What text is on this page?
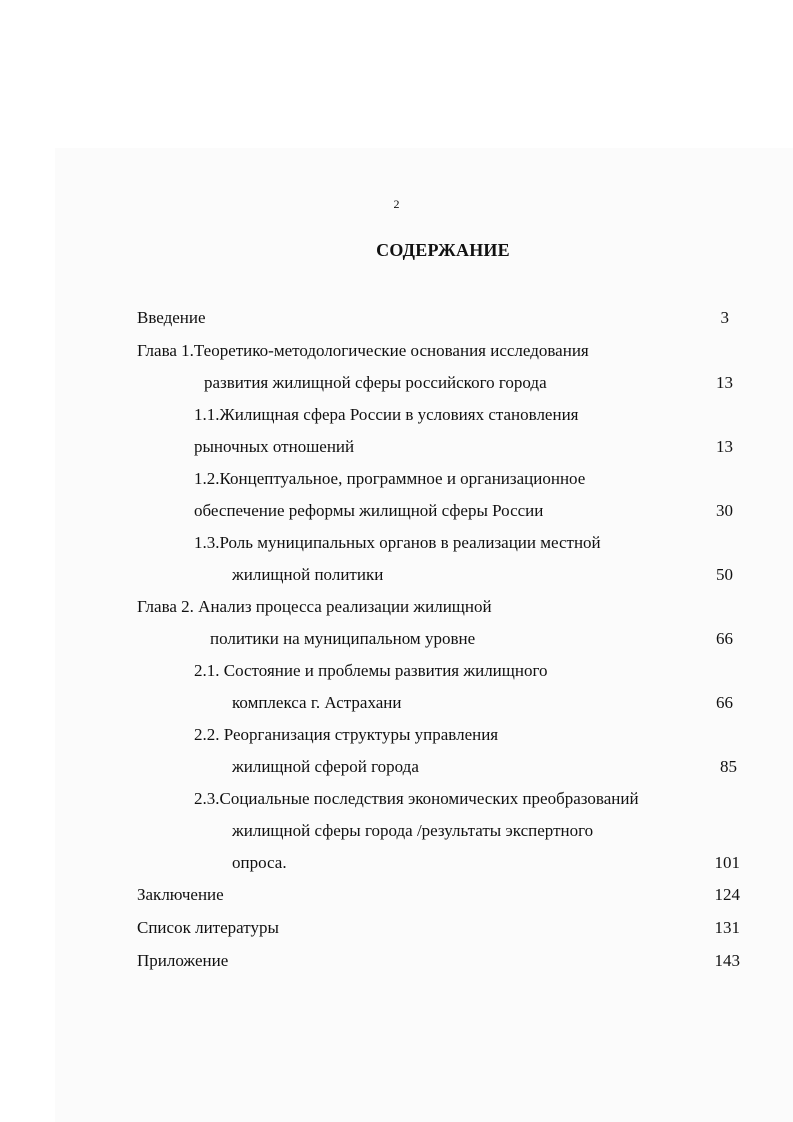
2
СОДЕРЖАНИЕ
Введение	3
Глава 1.Теоретико-методологические основания исследования
развития жилищной сферы российского города	13
1.1.Жилищная сфера России в условиях становления
рыночных отношений	13
1.2.Концептуальное, программное и организационное
обеспечение реформы жилищной сферы России	30
1.3.Роль муниципальных органов в реализации местной
жилищной политики	50
Глава 2. Анализ процесса реализации жилищной
политики на муниципальном уровне	66
2.1. Состояние и проблемы развития жилищного
комплекса г. Астрахани	66
2.2. Реорганизация структуры управления
жилищной сферой города	85
2.3.Социальные последствия экономических преобразований
жилищной сферы города /результаты экспертного
опроса.	101
Заключение	124
Список литературы	131
Приложение	143
